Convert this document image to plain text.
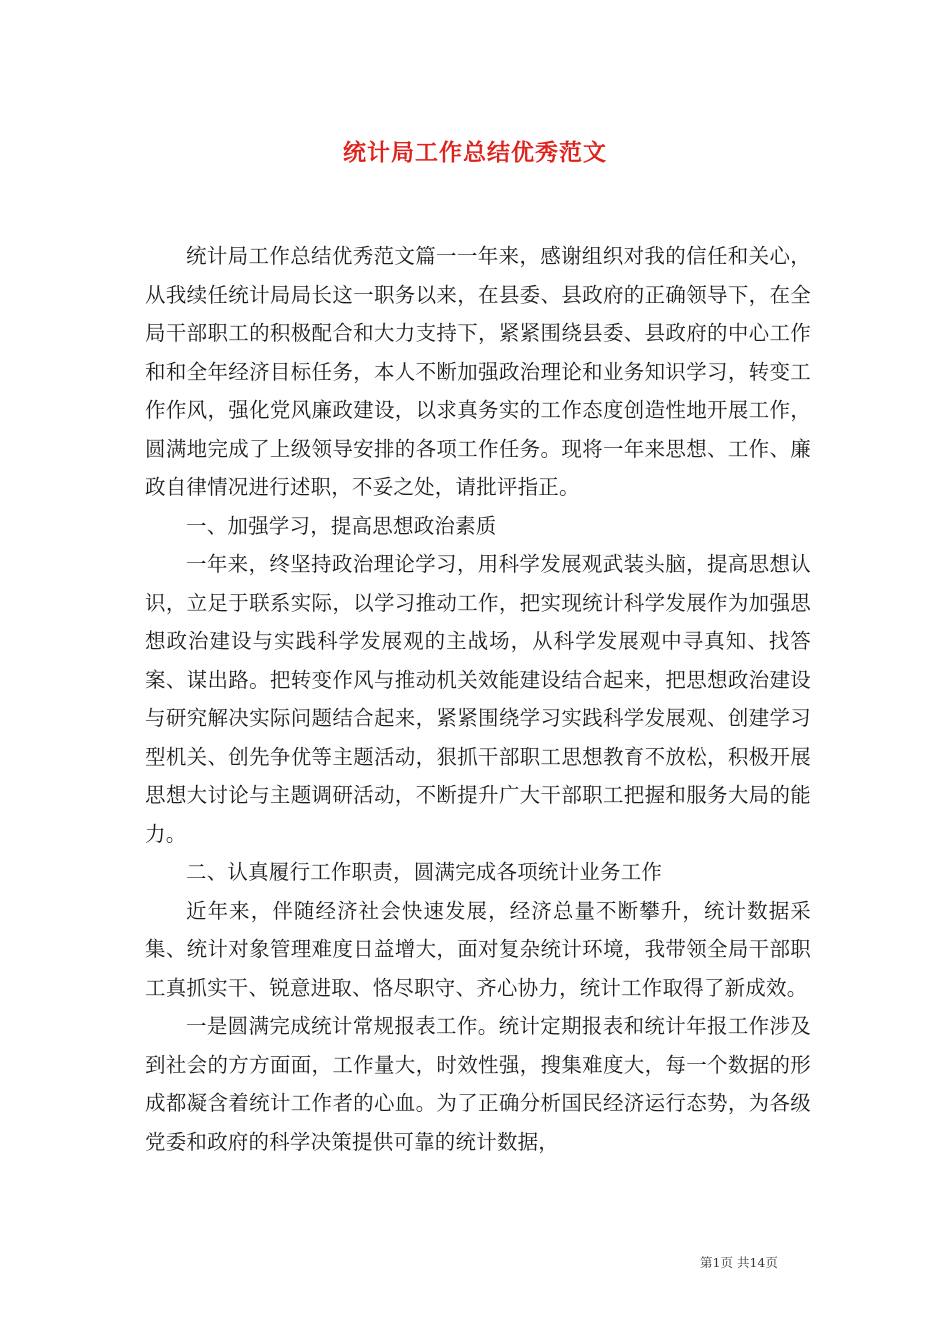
统计局工作总结优秀范文

统计局工作总结优秀范文篇一一年来，感谢组织对我的信任和关心，从我续任统计局局长这一职务以来，在县委、县政府的正确领导下，在全局干部职工的积极配合和大力支持下，紧紧围绕县委、县政府的中心工作和和全年经济目标任务，本人不断加强政治理论和业务知识学习，转变工作作风，强化党风廉政建设，以求真务实的工作态度创造性地开展工作，圆满地完成了上级领导安排的各项工作任务。现将一年来思想、工作、廉政自律情况进行述职，不妥之处，请批评指正。

一、加强学习，提高思想政治素质

一年来，终坚持政治理论学习，用科学发展观武装头脑，提高思想认识，立足于联系实际，以学习推动工作，把实现统计科学发展作为加强思想政治建设与实践科学发展观的主战场，从科学发展观中寻真知、找答案、谋出路。把转变作风与推动机关效能建设结合起来，把思想政治建设与研究解决实际问题结合起来，紧紧围绕学习实践科学发展观、创建学习型机关、创先争优等主题活动，狠抓干部职工思想教育不放松，积极开展思想大讨论与主题调研活动，不断提升广大干部职工把握和服务大局的能力。

二、认真履行工作职责，圆满完成各项统计业务工作

近年来，伴随经济社会快速发展，经济总量不断攀升，统计数据采集、统计对象管理难度日益增大，面对复杂统计环境，我带领全局干部职工真抓实干、锐意进取、恪尽职守、齐心协力，统计工作取得了新成效。

一是圆满完成统计常规报表工作。统计定期报表和统计年报工作涉及到社会的方方面面，工作量大，时效性强，搜集难度大，每一个数据的形成都凝含着统计工作者的心血。为了正确分析国民经济运行态势，为各级党委和政府的科学决策提供可靠的统计数据，

第1页 共14页
